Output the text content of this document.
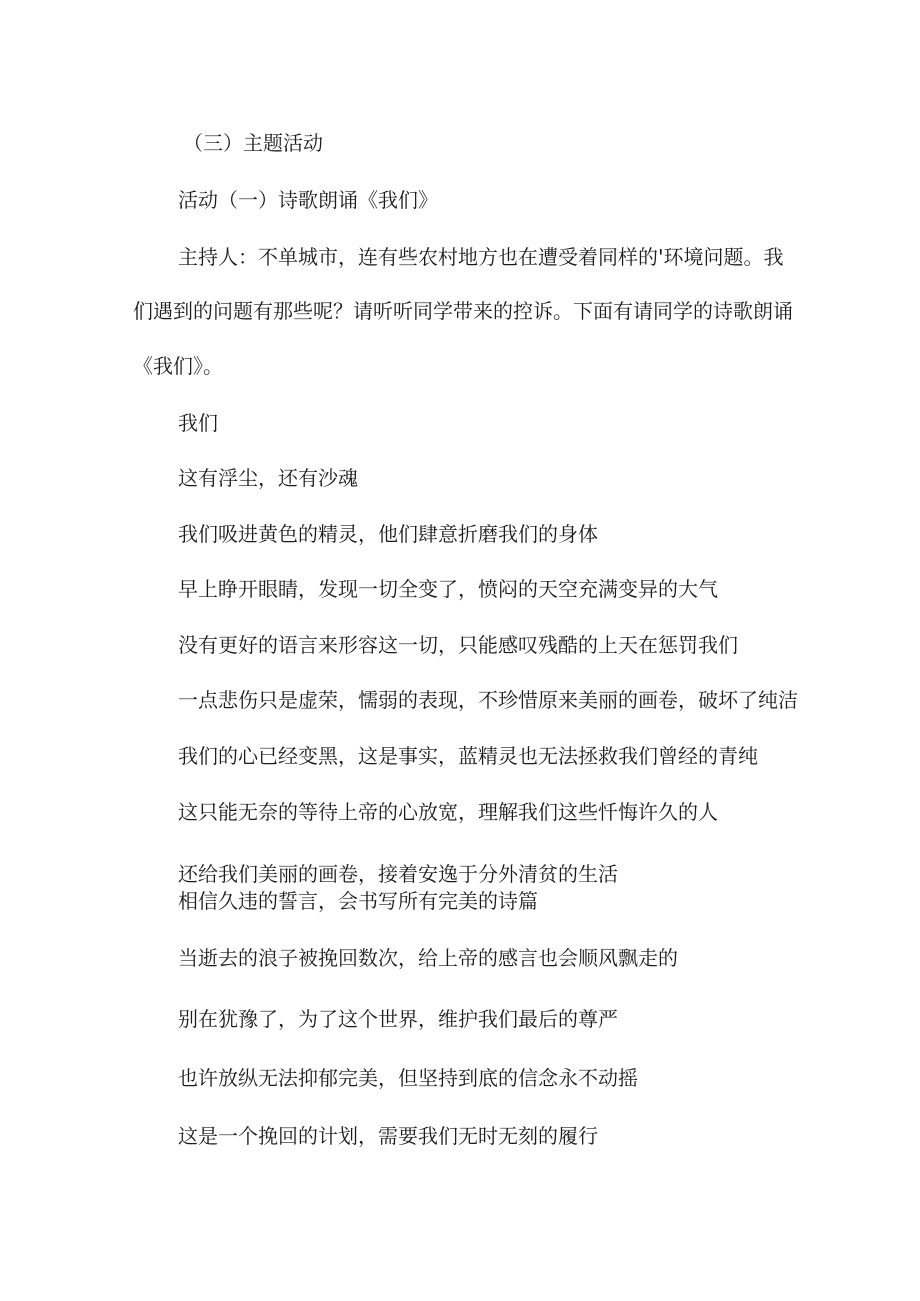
（三）主题活动

活动（一）诗歌朗诵《我们》

主持人：不单城市，连有些农村地方也在遭受着同样的'环境问题。我

们遇到的问题有那些呢？请听听同学带来的控诉。下面有请同学的诗歌朗诵

《我们》。

我们

这有浮尘，还有沙魂

我们吸进黄色的精灵，他们肆意折磨我们的身体

早上睁开眼睛，发现一切全变了，愤闷的天空充满变异的大气

没有更好的语言来形容这一切，只能感叹残酷的上天在惩罚我们

一点悲伤只是虚荣，懦弱的表现，不珍惜原来美丽的画卷，破坏了纯洁

我们的心已经变黑，这是事实，蓝精灵也无法拯救我们曾经的青纯

这只能无奈的等待上帝的心放宽，理解我们这些忏悔许久的人

还给我们美丽的画卷，接着安逸于分外清贫的生活

相信久违的誓言，会书写所有完美的诗篇

当逝去的浪子被挽回数次，给上帝的感言也会顺风飘走的

别在犹豫了，为了这个世界，维护我们最后的尊严

也许放纵无法抑郁完美，但坚持到底的信念永不动摇

这是一个挽回的计划，需要我们无时无刻的履行
